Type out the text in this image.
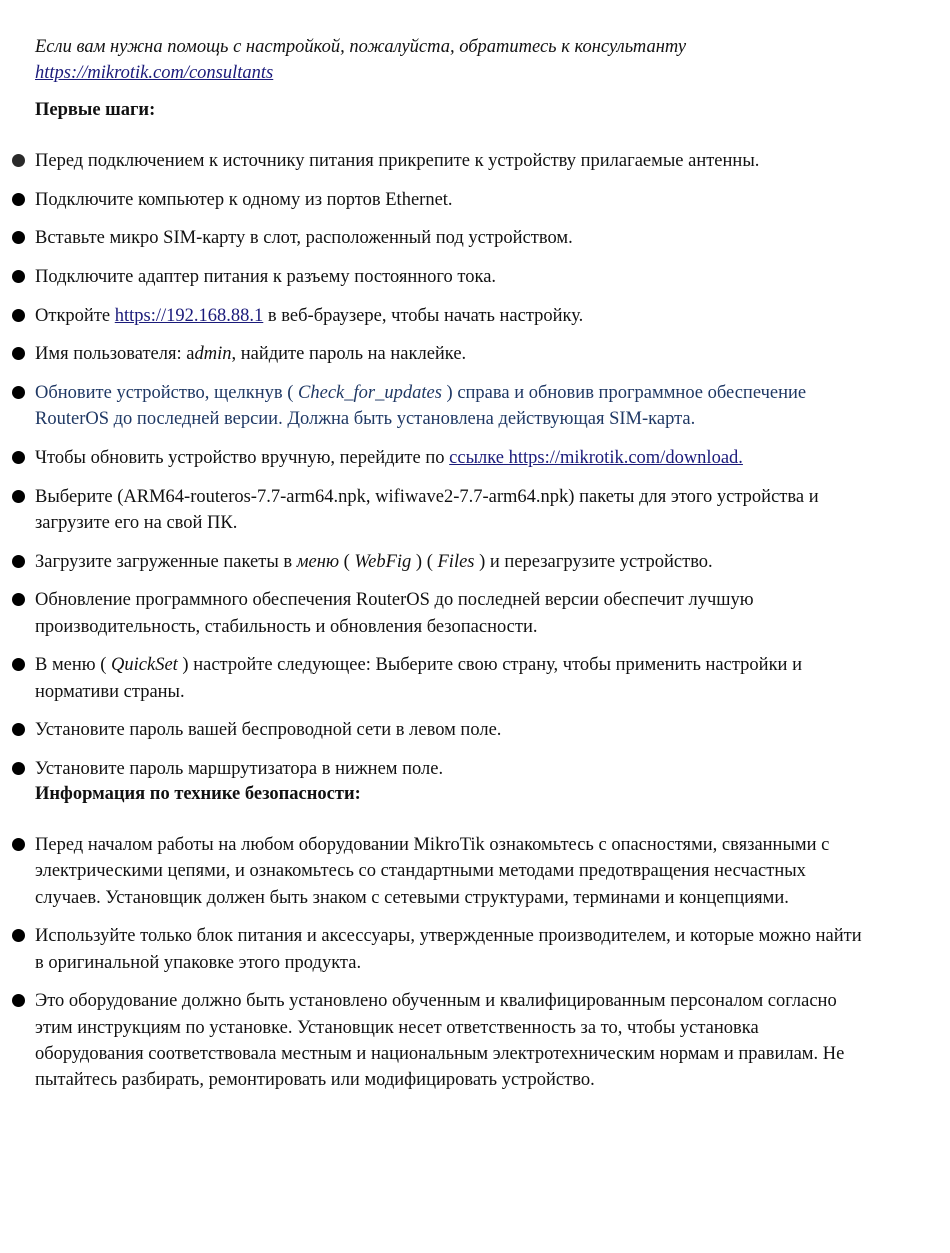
Если вам нужна помощь с настройкой, пожалуйста, обратитесь к консультанту https://mikrotik.com/consultants

Первые шаги:
Перед подключением к источнику питания прикрепите к устройству прилагаемые антенны.
Подключите компьютер к одному из портов Ethernet.
Вставьте микро SIM-карту в слот, расположенный под устройством.
Подключите адаптер питания к разъему постоянного тока.
Откройте https://192.168.88.1 в веб-браузере, чтобы начать настройку.
Имя пользователя: admin, найдите пароль на наклейке.
Обновите устройство, щелкнув ( Check_for_updates ) справа и обновив программное обеспечение RouterOS до последней версии. Должна быть установлена действующая SIM-карта.
Чтобы обновить устройство вручную, перейдите по ссылке https://mikrotik.com/download.
Выберите (ARM64-routeros-7.7-arm64.npk, wifiwave2-7.7-arm64.npk) пакеты для этого устройства и загрузите его на свой ПК.
Загрузите загруженные пакеты в меню ( WebFig ) ( Files ) и перезагрузите устройство.
Обновление программного обеспечения RouterOS до последней версии обеспечит лучшую производительность, стабильность и обновления безопасности.
В меню ( QuickSet ) настройте следующее: Выберите свою страну, чтобы применить настройки и нормативи страны.
Установите пароль вашей беспроводной сети в левом поле.
Установите пароль маршрутизатора в нижнем поле.
Информация по технике безопасности:
Перед началом работы на любом оборудовании MikroTik ознакомьтесь с опасностями, связанными с электрическими цепями, и ознакомьтесь со стандартными методами предотвращения несчастных случаев. Установщик должен быть знаком с сетевыми структурами, терминами и концепциями.
Используйте только блок питания и аксессуары, утвержденные производителем, и которые можно найти в оригинальной упаковке этого продукта.
Это оборудование должно быть установлено обученным и квалифицированным персоналом согласно этим инструкциям по установке. Установщик несет ответственность за то, чтобы установка оборудования соответствовала местным и национальным электротехническим нормам и правилам. Не пытайтесь разбирать, ремонтировать или модифицировать устройство.
